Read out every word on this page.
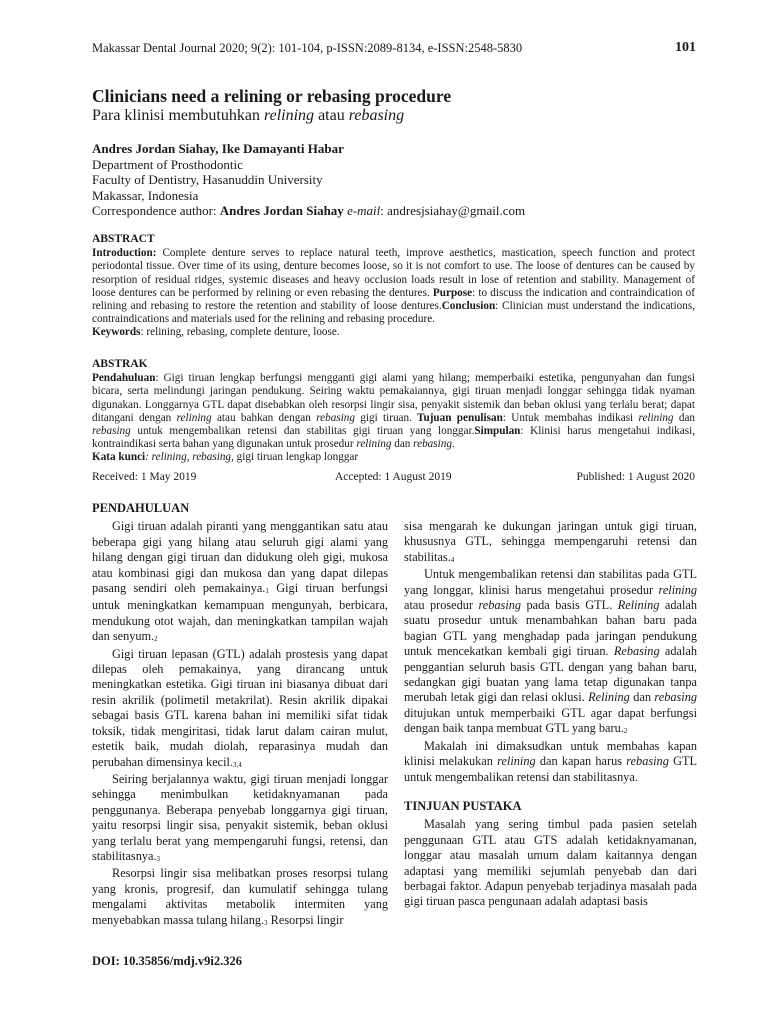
Makassar Dental Journal 2020; 9(2): 101-104, p-ISSN:2089-8134, e-ISSN:2548-5830	101
Clinicians need a relining or rebasing procedure
Para klinisi membutuhkan relining atau rebasing
Andres Jordan Siahay, Ike Damayanti Habar
Department of Prosthodontic
Faculty of Dentistry, Hasanuddin University
Makassar, Indonesia
Correspondence author: Andres Jordan Siahay e-mail: andresjsiahay@gmail.com
ABSTRACT

Introduction: Complete denture serves to replace natural teeth, improve aesthetics, mastication, speech function and protect periodontal tissue. Over time of its using, denture becomes loose, so it is not comfort to use. The loose of dentures can be caused by resorption of residual ridges, systemic diseases and heavy occlusion loads result in lose of retention and stability. Management of loose dentures can be performed by relining or even rebasing the dentures. Purpose: to discuss the indication and contraindication of relining and rebasing to restore the retention and stability of loose dentures.Conclusion: Clinician must understand the indications, contraindications and materials used for the relining and rebasing procedure.

Keywords: relining, rebasing, complete denture, loose.

ABSTRAK

Pendahuluan: Gigi tiruan lengkap berfungsi mengganti gigi alami yang hilang; memperbaiki estetika, pengunyahan dan fungsi bicara, serta melindungi jaringan pendukung. Seiring waktu pemakaiannya, gigi tiruan menjadi longgar sehingga tidak nyaman digunakan. Longgarnya GTL dapat disebabkan oleh resorpsi lingir sisa, penyakit sistemik dan beban oklusi yang terlalu berat; dapat ditangani dengan relining atau bahkan dengan rebasing gigi tiruan. Tujuan penulisan: Untuk membahas indikasi relining dan rebasing untuk mengembalikan retensi dan stabilitas gigi tiruan yang longgar.Simpulan: Klinisi harus mengetahui indikasi, kontraindikasi serta bahan yang digunakan untuk prosedur relining dan rebasing.

Kata kunci: relining, rebasing, gigi tiruan lengkap longgar

Received: 1 May 2019	Accepted: 1 August 2019	Published: 1 August 2020
PENDAHULUAN

Gigi tiruan adalah piranti yang menggantikan satu atau beberapa gigi yang hilang atau seluruh gigi alami yang hilang dengan gigi tiruan dan didukung oleh gigi, mukosa atau kombinasi gigi dan mukosa dan yang dapat dilepas pasang sendiri oleh $pemakainya._1$ Gigi tiruan berfungsi untuk meningkatkan kemampuan mengunyah, berbicara, mendukung otot wajah, dan meningkatkan tampilan wajah dan $senyum._2$

Gigi tiruan lepasan (GTL) adalah prostesis yang dapat dilepas oleh pemakainya, yang dirancang untuk meningkatkan estetika. Gigi tiruan ini biasanya dibuat dari resin akrilik (polimetil metakrilat). Resin akrilik dipakai sebagai basis GTL karena bahan ini memiliki sifat tidak toksik, tidak mengiritasi, tidak larut dalam cairan mulut, estetik baik, mudah diolah, reparasinya mudah dan perubahan dimensinya $kecil._{3,4}$

Seiring berjalannya waktu, gigi tiruan menjadi longgar sehingga menimbulkan ketidaknyamanan pada penggunanya. Beberapa penyebab longgarnya gigi tiruan, yaitu resorpsi lingir sisa, penyakit sistemik, beban oklusi yang terlalu berat yang mempengaruhi fungsi, retensi, dan $stabilitasnya._3$

Resorpsi lingir sisa melibatkan proses resorpsi tulang yang kronis, progresif, dan kumulatif sehingga tulang mengalami aktivitas metabolik intermiten yang menyebabkan massa tulang $hilang._3$ Resorpsi lingir

sisa mengarah ke dukungan jaringan untuk gigi tiruan, khususnya GTL, sehingga mempengaruhi retensi dan $stabilitas._4$

Untuk mengembalikan retensi dan stabilitas pada GTL yang longgar, klinisi harus mengetahui prosedur relining atau prosedur rebasing pada basis GTL. Relining adalah suatu prosedur untuk menambahkan bahan baru pada bagian GTL yang menghadap pada jaringan pendukung untuk mencekatkan kembali gigi tiruan. Rebasing adalah penggantian seluruh basis GTL dengan yang bahan baru, sedangkan gigi buatan yang lama tetap digunakan tanpa merubah letak gigi dan relasi oklusi. Relining dan rebasing ditujukan untuk memperbaiki GTL agar dapat berfungsi dengan baik tanpa membuat GTL yang $baru._2$

Makalah ini dimaksudkan untuk membahas kapan klinisi melakukan relining dan kapan harus rebasing GTL untuk mengembalikan retensi dan stabilitasnya.

TINJUAN PUSTAKA

Masalah yang sering timbul pada pasien setelah penggunaan GTL atau GTS adalah ketidaknyamanan, longgar atau masalah umum dalam kaitannya dengan adaptasi yang memiliki sejumlah penyebab dan dari berbagai faktor. Adapun penyebab terjadinya masalah pada gigi tiruan pasca pengunaan adalah adaptasi basis

DOI: 10.35856/mdj.v9i2.326
